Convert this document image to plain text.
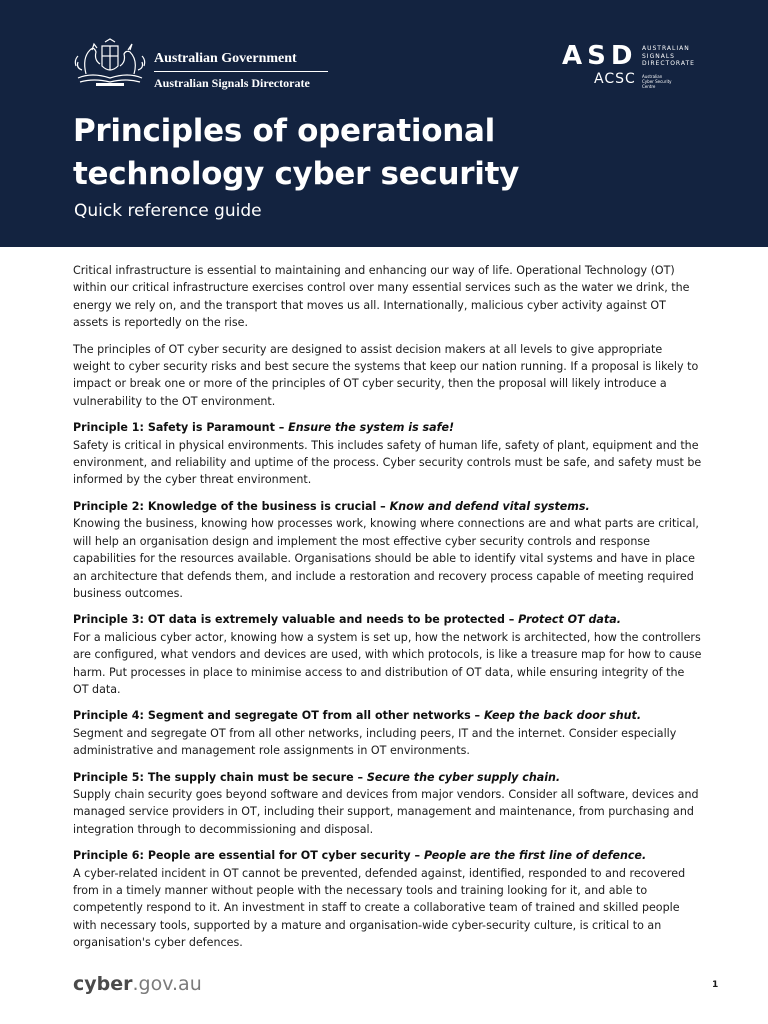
Australian Government
Australian Signals Directorate
ASD AUSTRALIAN
SIGNALS
DIRECTORATE
ACSC Australian
Cyber Security
Centre
Principles of operational
technology cyber security
Quick reference guide

Critical infrastructure is essential to maintaining and enhancing our way of life. Operational Technology (OT) within our critical infrastructure exercises control over many essential services such as the water we drink, the energy we rely on, and the transport that moves us all. Internationally, malicious cyber activity against OT assets is reportedly on the rise.

The principles of OT cyber security are designed to assist decision makers at all levels to give appropriate weight to cyber security risks and best secure the systems that keep our nation running. If a proposal is likely to impact or break one or more of the principles of OT cyber security, then the proposal will likely introduce a vulnerability to the OT environment.

Principle 1: Safety is Paramount – Ensure the system is safe!

Safety is critical in physical environments. This includes safety of human life, safety of plant, equipment and the environment, and reliability and uptime of the process. Cyber security controls must be safe, and safety must be informed by the cyber threat environment.

Principle 2: Knowledge of the business is crucial – Know and defend vital systems.

Knowing the business, knowing how processes work, knowing where connections are and what parts are critical, will help an organisation design and implement the most effective cyber security controls and response capabilities for the resources available. Organisations should be able to identify vital systems and have in place an architecture that defends them, and include a restoration and recovery process capable of meeting required business outcomes.

Principle 3: OT data is extremely valuable and needs to be protected – Protect OT data.

For a malicious cyber actor, knowing how a system is set up, how the network is architected, how the controllers are configured, what vendors and devices are used, with which protocols, is like a treasure map for how to cause harm. Put processes in place to minimise access to and distribution of OT data, while ensuring integrity of the OT data.

Principle 4: Segment and segregate OT from all other networks – Keep the back door shut.

Segment and segregate OT from all other networks, including peers, IT and the internet. Consider especially administrative and management role assignments in OT environments.

Principle 5: The supply chain must be secure – Secure the cyber supply chain.

Supply chain security goes beyond software and devices from major vendors. Consider all software, devices and managed service providers in OT, including their support, management and maintenance, from purchasing and integration through to decommissioning and disposal.

Principle 6: People are essential for OT cyber security – People are the first line of defence.

A cyber-related incident in OT cannot be prevented, defended against, identified, responded to and recovered from in a timely manner without people with the necessary tools and training looking for it, and able to competently respond to it. An investment in staff to create a collaborative team of trained and skilled people with necessary tools, supported by a mature and organisation-wide cyber-security culture, is critical to an organisation's cyber defences.

cyber.gov.au	1
